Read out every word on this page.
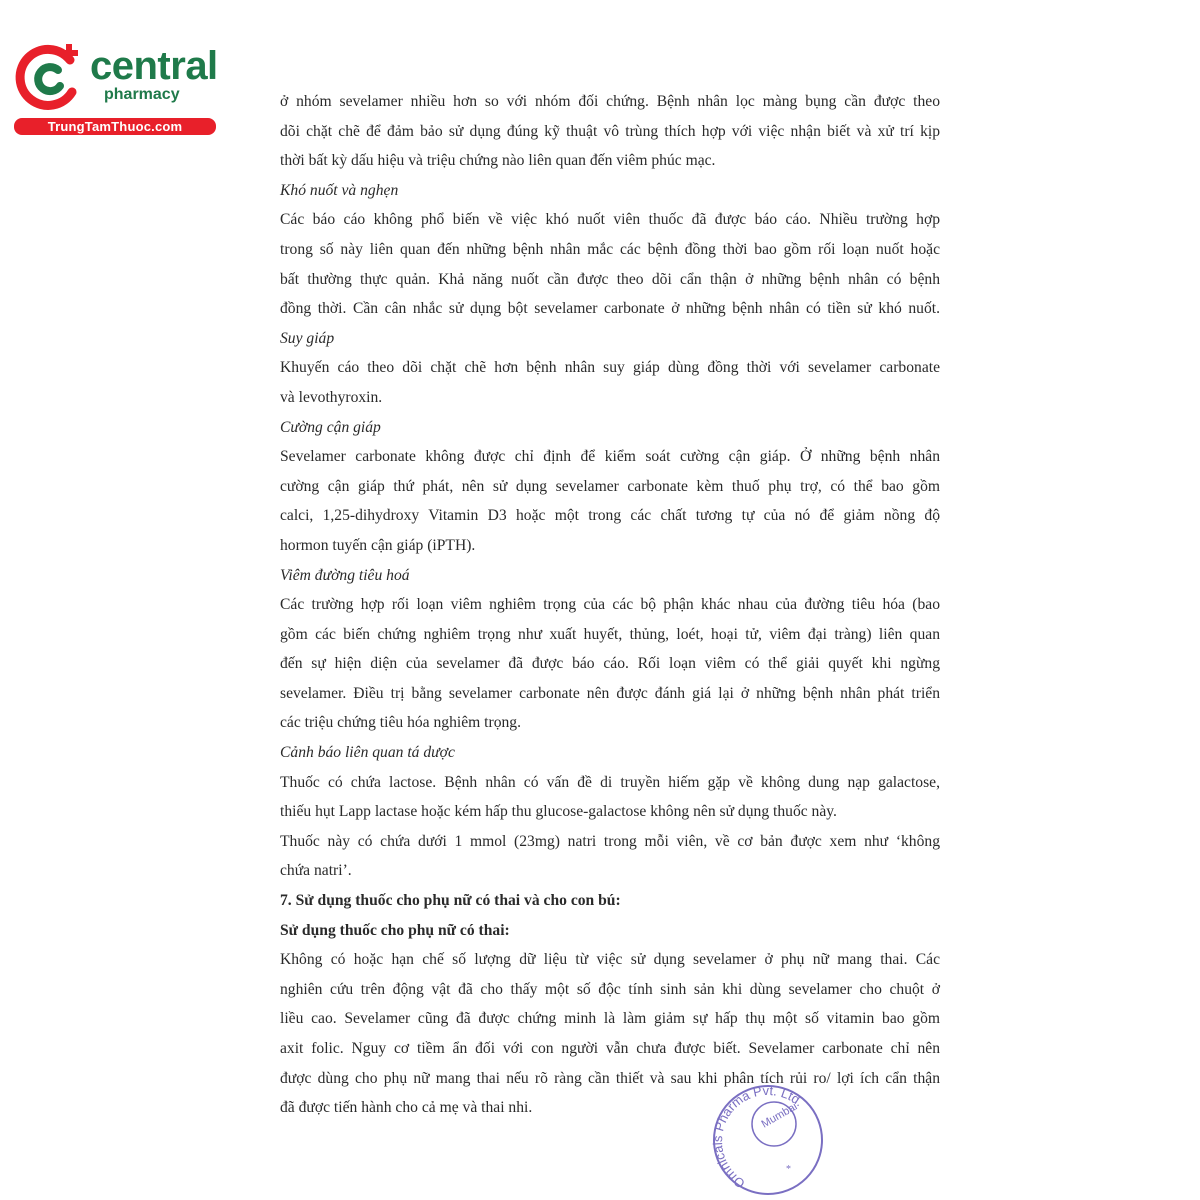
central
pharmacy
TrungTamThuoc.com
ở nhóm sevelamer nhiều hơn so với nhóm đối chứng. Bệnh nhân lọc màng bụng cần được theo
dõi chặt chẽ để đảm bảo sử dụng đúng kỹ thuật vô trùng thích hợp với việc nhận biết và xử trí kịp
thời bất kỳ dấu hiệu và triệu chứng nào liên quan đến viêm phúc mạc.
Khó nuốt và nghẹn
Các báo cáo không phổ biến về việc khó nuốt viên thuốc đã được báo cáo. Nhiều trường hợp
trong số này liên quan đến những bệnh nhân mắc các bệnh đồng thời bao gồm rối loạn nuốt hoặc
bất thường thực quản. Khả năng nuốt cần được theo dõi cẩn thận ở những bệnh nhân có bệnh
đồng thời. Cần cân nhắc sử dụng bột sevelamer carbonate ở những bệnh nhân có tiền sử khó nuốt.
Suy giáp
Khuyến cáo theo dõi chặt chẽ hơn bệnh nhân suy giáp dùng đồng thời với sevelamer carbonate
và levothyroxin.
Cường cận giáp
Sevelamer carbonate không được chỉ định để kiểm soát cường cận giáp. Ở những bệnh nhân
cường cận giáp thứ phát, nên sử dụng sevelamer carbonate kèm thuố phụ trợ, có thể bao gồm
calci, 1,25-dihydroxy Vitamin D3 hoặc một trong các chất tương tự của nó để giảm nồng độ
hormon tuyến cận giáp (iPTH).
Viêm đường tiêu hoá
Các trường hợp rối loạn viêm nghiêm trọng của các bộ phận khác nhau của đường tiêu hóa (bao
gồm các biến chứng nghiêm trọng như xuất huyết, thủng, loét, hoại tử, viêm đại tràng) liên quan
đến sự hiện diện của sevelamer đã được báo cáo. Rối loạn viêm có thể giải quyết khi ngừng
sevelamer. Điều trị bằng sevelamer carbonate nên được đánh giá lại ở những bệnh nhân phát triển
các triệu chứng tiêu hóa nghiêm trọng.
Cảnh báo liên quan tá dược
Thuốc có chứa lactose. Bệnh nhân có vấn đề di truyền hiếm gặp về không dung nạp galactose,
thiếu hụt Lapp lactase hoặc kém hấp thu glucose-galactose không nên sử dụng thuốc này.
Thuốc này có chứa dưới 1 mmol (23mg) natri trong mỗi viên, về cơ bản được xem như ‘không
chứa natri’.
7. Sử dụng thuốc cho phụ nữ có thai và cho con bú:
Sử dụng thuốc cho phụ nữ có thai:
Không có hoặc hạn chế số lượng dữ liệu từ việc sử dụng sevelamer ở phụ nữ mang thai. Các
nghiên cứu trên động vật đã cho thấy một số độc tính sinh sản khi dùng sevelamer cho chuột ở
liều cao. Sevelamer cũng đã được chứng minh là làm giảm sự hấp thụ một số vitamin bao gồm
axit folic. Nguy cơ tiềm ẩn đối với con người vẫn chưa được biết. Sevelamer carbonate chỉ nên
được dùng cho phụ nữ mang thai nếu rõ ràng cần thiết và sau khi phân tích rủi ro/ lợi ích cẩn thận
đã được tiến hành cho cả mẹ và thai nhi.
Omnicals Pharma Pvt. Ltd.
Mumbai
*
